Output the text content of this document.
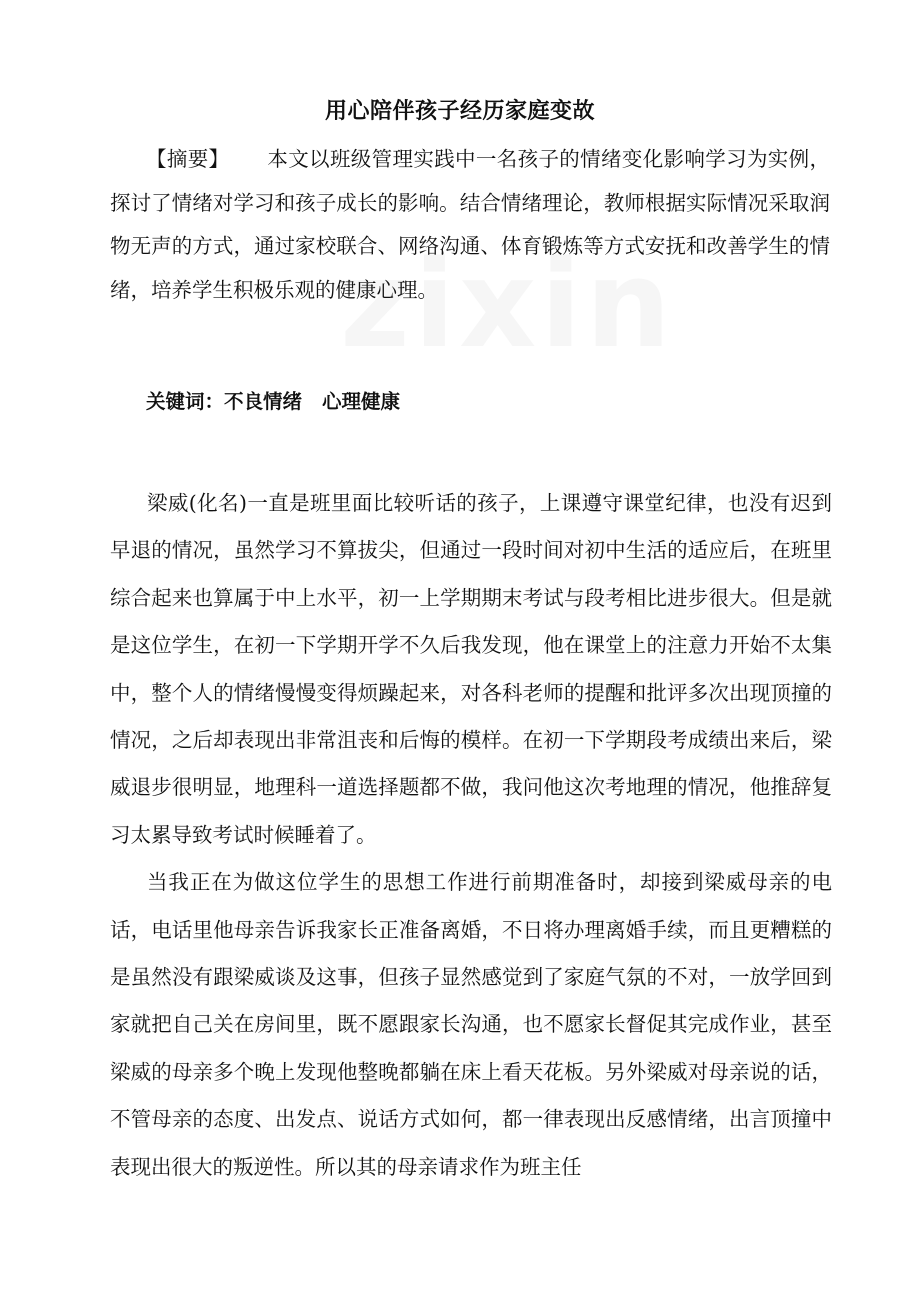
用心陪伴孩子经历家庭变故
【摘要】 本文以班级管理实践中一名孩子的情绪变化影响学习为实例，探讨了情绪对学习和孩子成长的影响。结合情绪理论，教师根据实际情况采取润物无声的方式，通过家校联合、网络沟通、体育锻炼等方式安抚和改善学生的情绪，培养学生积极乐观的健康心理。
关键词：不良情绪 心理健康

梁威(化名)一直是班里面比较听话的孩子，上课遵守课堂纪律，也没有迟到早退的情况，虽然学习不算拔尖，但通过一段时间对初中生活的适应后，在班里综合起来也算属于中上水平，初一上学期期末考试与段考相比进步很大。但是就是这位学生，在初一下学期开学不久后我发现，他在课堂上的注意力开始不太集中，整个人的情绪慢慢变得烦躁起来，对各科老师的提醒和批评多次出现顶撞的情况，之后却表现出非常沮丧和后悔的模样。在初一下学期段考成绩出来后，梁威退步很明显，地理科一道选择题都不做，我问他这次考地理的情况，他推辞复习太累导致考试时候睡着了。

当我正在为做这位学生的思想工作进行前期准备时，却接到梁威母亲的电话，电话里他母亲告诉我家长正准备离婚，不日将办理离婚手续，而且更糟糕的是虽然没有跟梁威谈及这事，但孩子显然感觉到了家庭气氛的不对，一放学回到家就把自己关在房间里，既不愿跟家长沟通，也不愿家长督促其完成作业，甚至梁威的母亲多个晚上发现他整晚都躺在床上看天花板。另外梁威对母亲说的话，不管母亲的态度、出发点、说话方式如何，都一律表现出反感情绪，出言顶撞中表现出很大的叛逆性。所以其的母亲请求作为班主任
